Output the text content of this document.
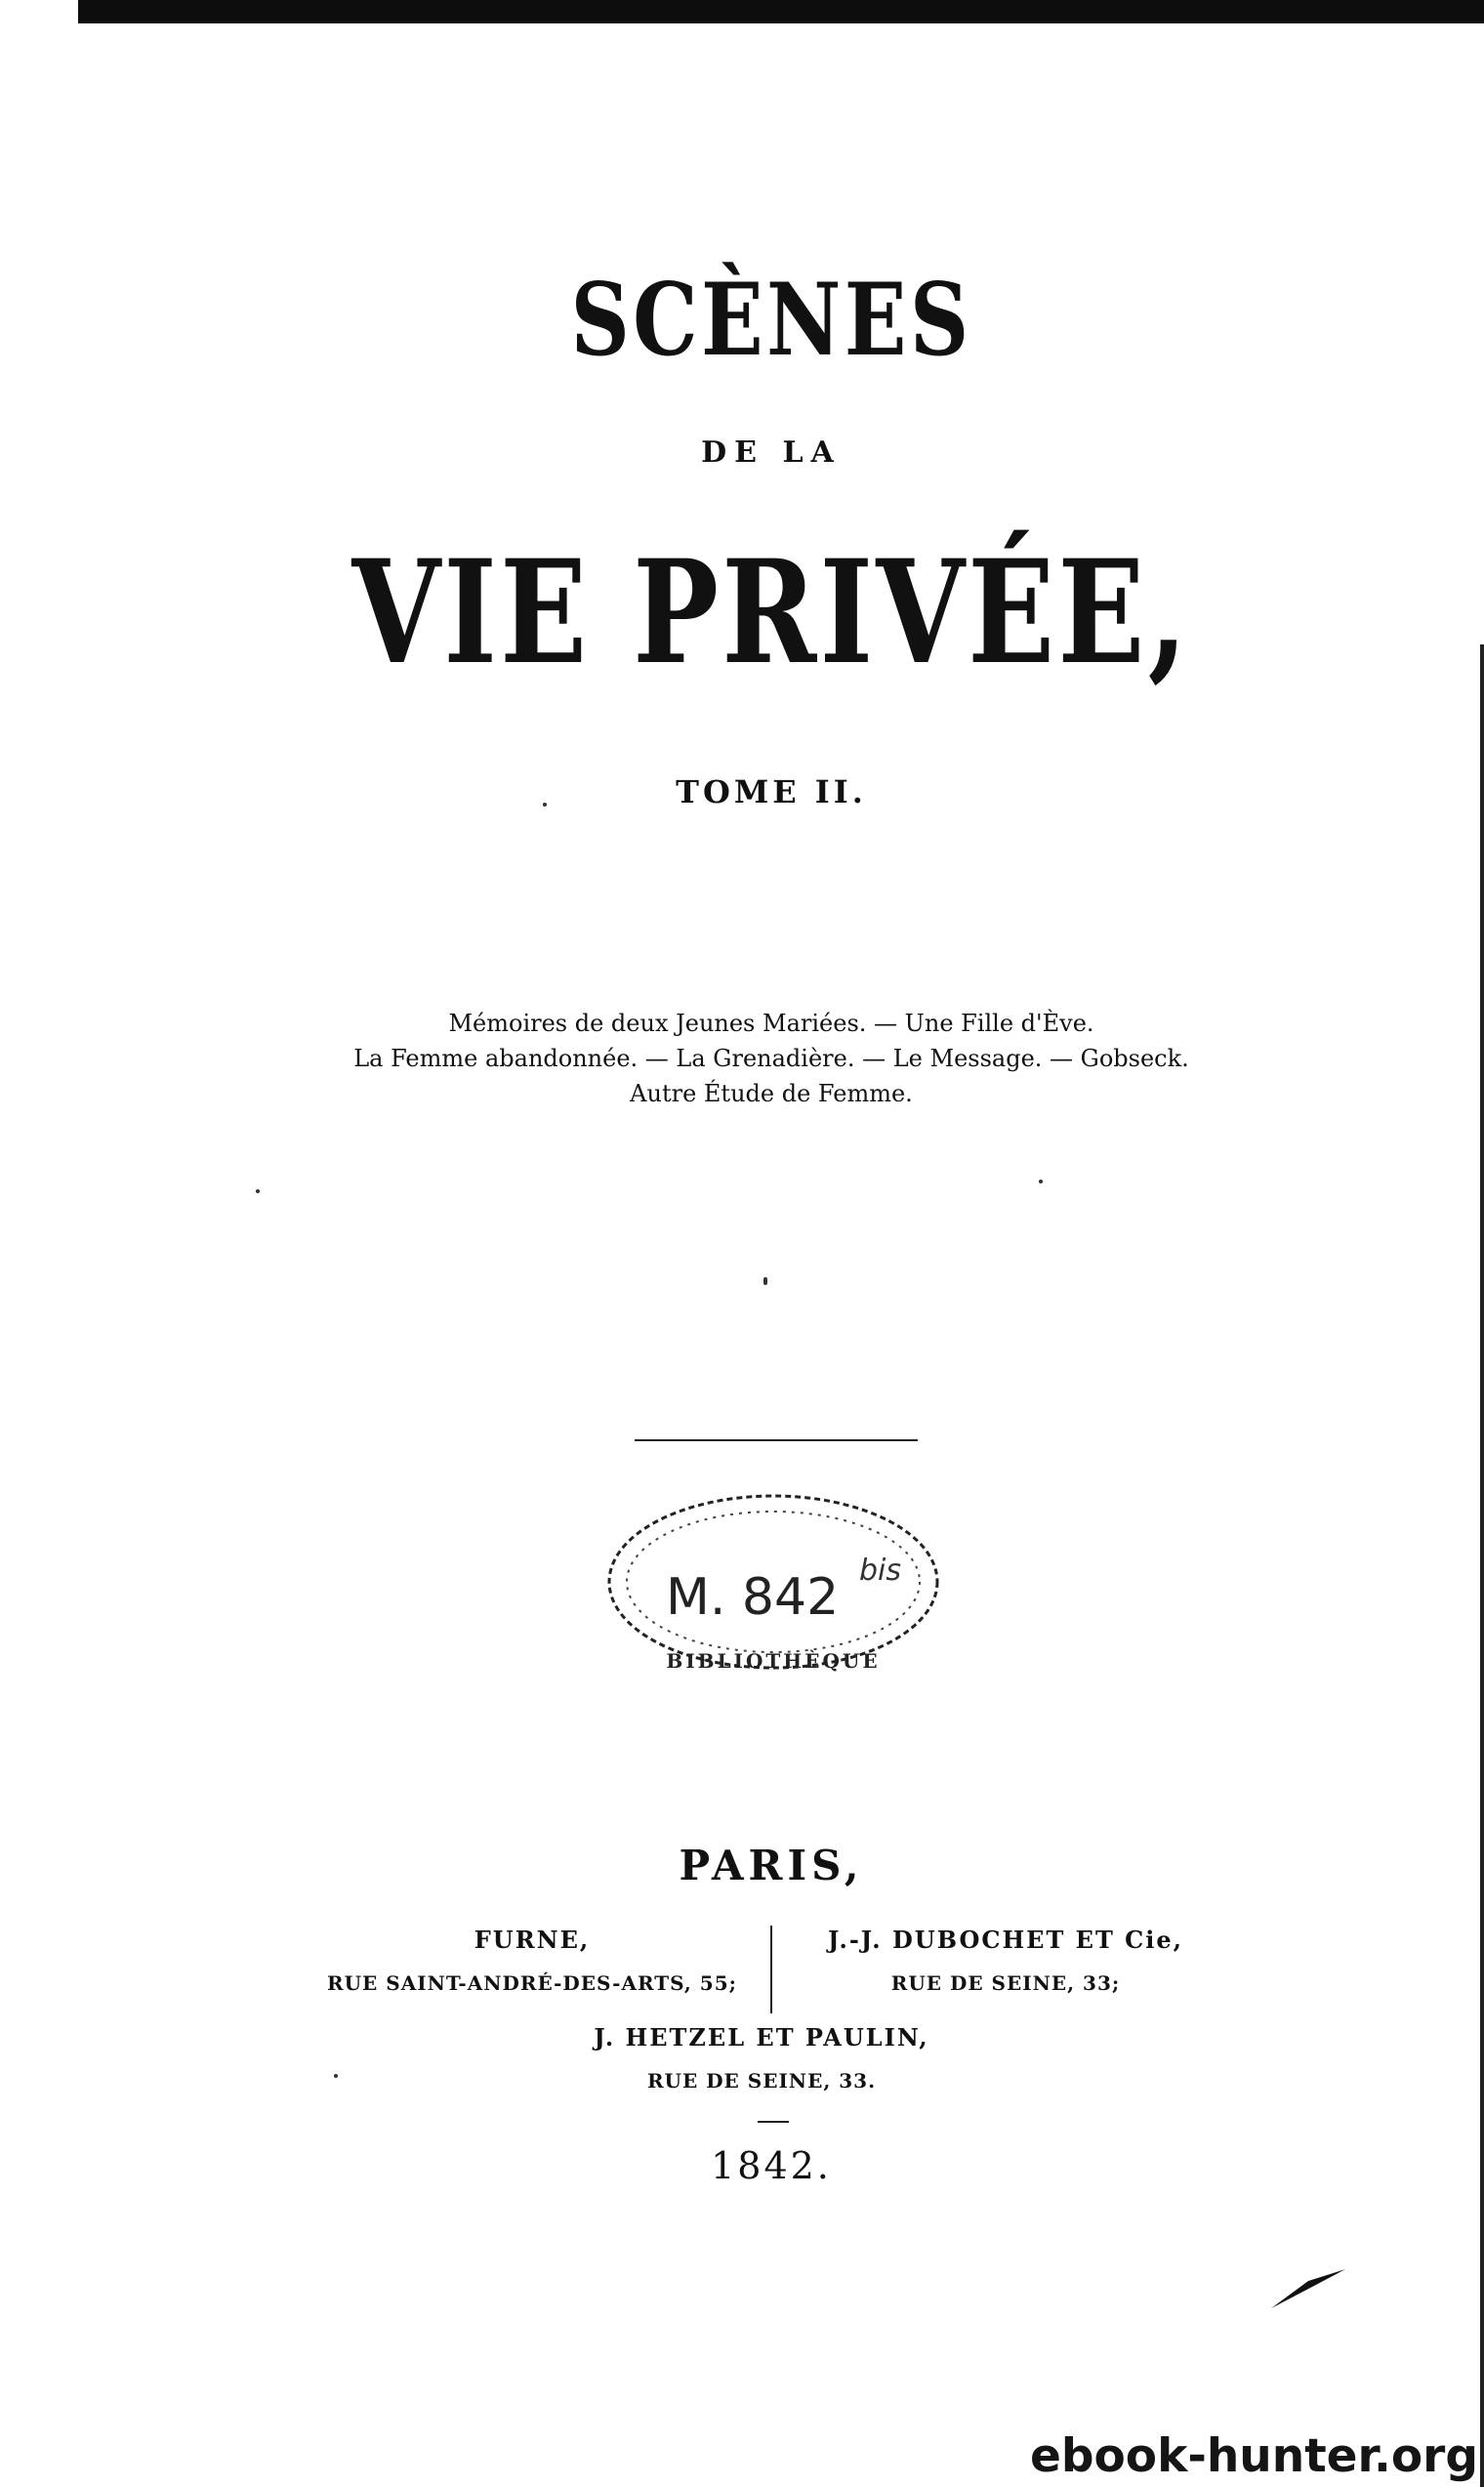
SCÈNES
DE LA
VIE PRIVÉE,
TOME II.
Mémoires de deux Jeunes Mariées. — Une Fille d'Ève.
La Femme abandonnée. — La Grenadière. — Le Message. — Gobseck.
Autre Étude de Femme.
BIBLIOTHÈQUE
M. 842 bis
PARIS,
FURNE,
RUE SAINT-ANDRÉ-DES-ARTS, 55;
J.-J. DUBOCHET ET Cie,
RUE DE SEINE, 33;
J. HETZEL ET PAULIN,
RUE DE SEINE, 33.
1842.
ebook-hunter.org
